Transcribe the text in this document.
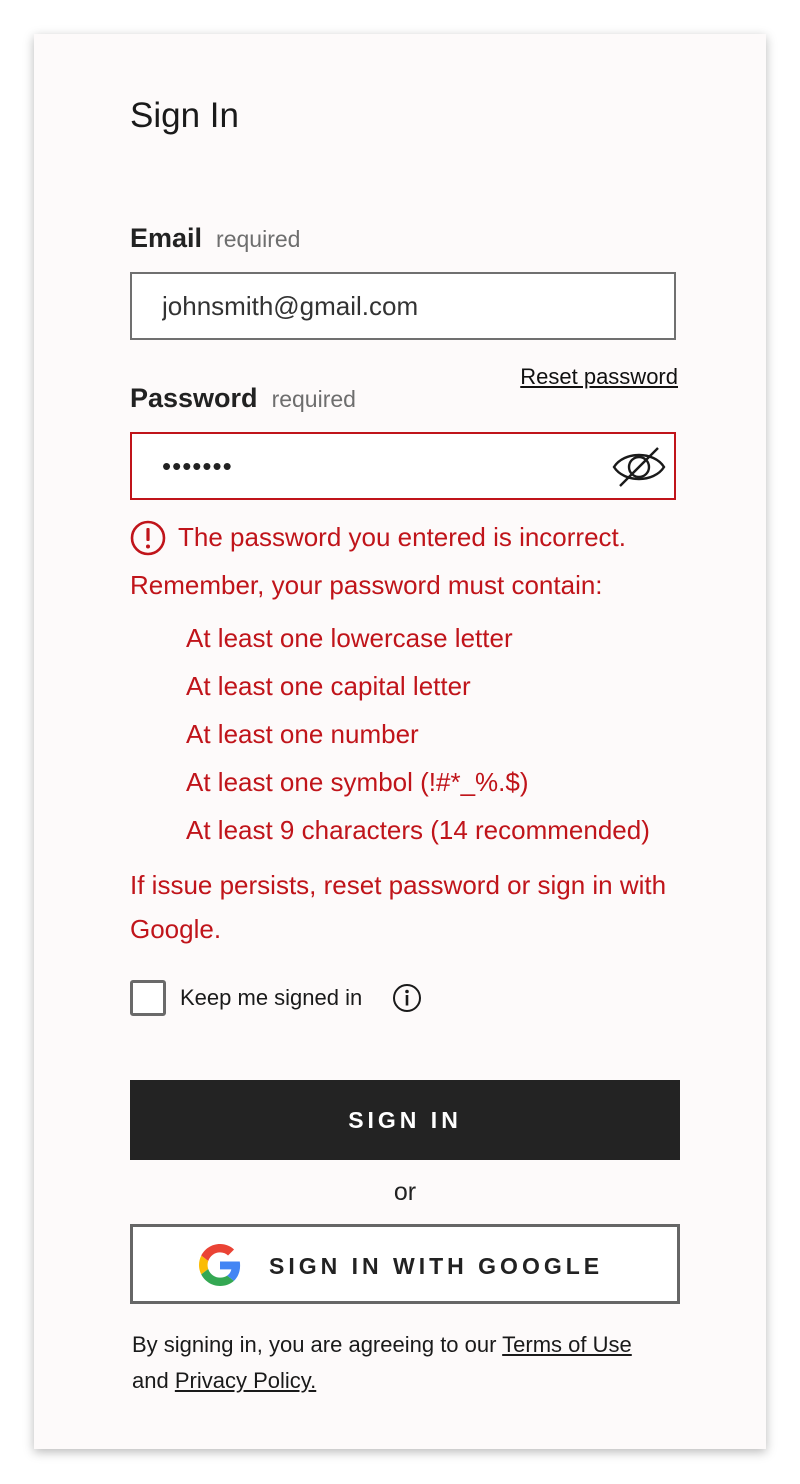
Sign In
Email required
johnsmith@gmail.com
Reset password
Password required
•••••••
The password you entered is incorrect.

Remember, your password must contain:

At least one lowercase letter
At least one capital letter
At least one number
At least one symbol (!#*_%.$)
At least 9 characters (14 recommended)

If issue persists, reset password or sign in with Google.

Keep me signed in
SIGN IN
or
SIGN IN WITH GOOGLE

By signing in, you are agreeing to our Terms of Use and Privacy Policy.
